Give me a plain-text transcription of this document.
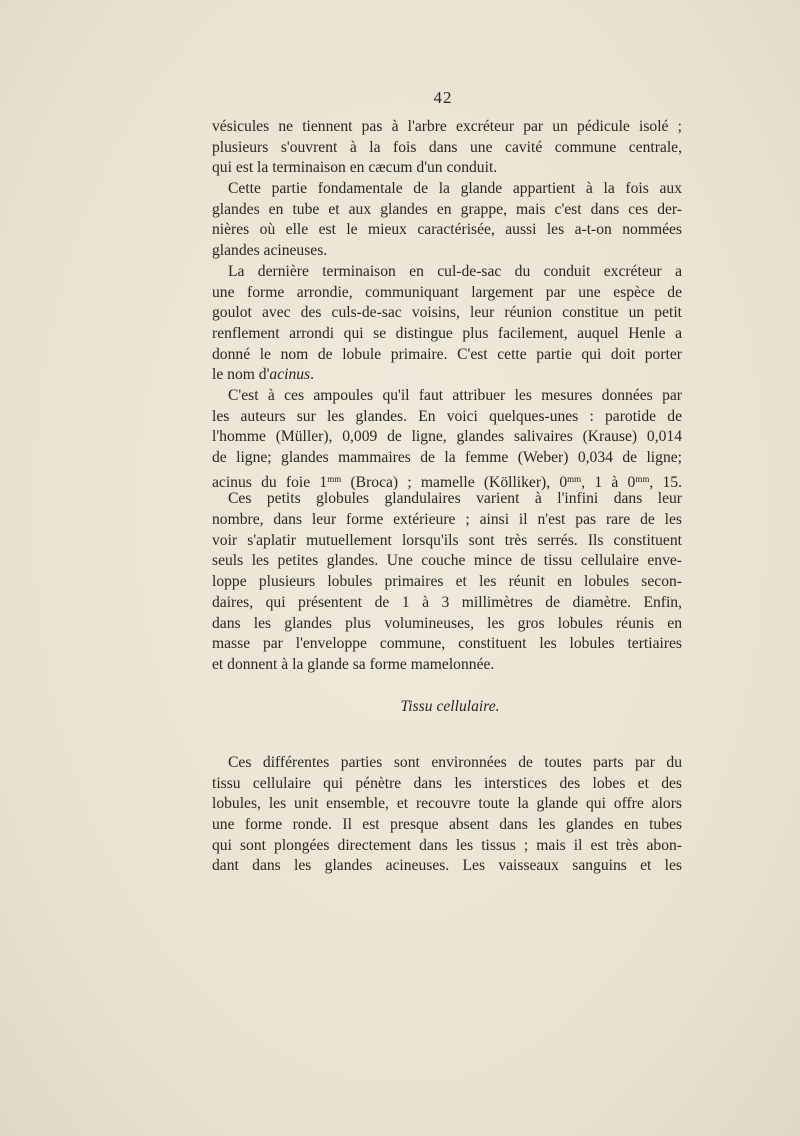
42
vésicules ne tiennent pas à l'arbre excréteur par un pédicule isolé ;
plusieurs s'ouvrent à la fois dans une cavité commune centrale,
qui est la terminaison en cæcum d'un conduit.
Cette partie fondamentale de la glande appartient à la fois aux
glandes en tube et aux glandes en grappe, mais c'est dans ces der-
nières où elle est le mieux caractérisée, aussi les a-t-on nommées
glandes acineuses.
La dernière terminaison en cul-de-sac du conduit excréteur a
une forme arrondie, communiquant largement par une espèce de
goulot avec des culs-de-sac voisins, leur réunion constitue un petit
renflement arrondi qui se distingue plus facilement, auquel Henle a
donné le nom de lobule primaire. C'est cette partie qui doit porter
le nom d'acinus.
C'est à ces ampoules qu'il faut attribuer les mesures données par
les auteurs sur les glandes. En voici quelques-unes : parotide de
l'homme (Müller), 0,009 de ligne, glandes salivaires (Krause) 0,014
de ligne; glandes mammaires de la femme (Weber) 0,034 de ligne;
acinus du foie $1^{mm}$ (Broca) ; mamelle (Kölliker), $0^{mm}$, 1 à $0^{mm}$, 15.
Ces petits globules glandulaires varient à l'infini dans leur
nombre, dans leur forme extérieure ; ainsi il n'est pas rare de les
voir s'aplatir mutuellement lorsqu'ils sont très serrés. Ils constituent
seuls les petites glandes. Une couche mince de tissu cellulaire enve-
loppe plusieurs lobules primaires et les réunit en lobules secon-
daires, qui présentent de 1 à 3 millimètres de diamètre. Enfin,
dans les glandes plus volumineuses, les gros lobules réunis en
masse par l'enveloppe commune, constituent les lobules tertiaires
et donnent à la glande sa forme mamelonnée.
Tissu cellulaire.
Ces différentes parties sont environnées de toutes parts par du
tissu cellulaire qui pénètre dans les interstices des lobes et des
lobules, les unit ensemble, et recouvre toute la glande qui offre alors
une forme ronde. Il est presque absent dans les glandes en tubes
qui sont plongées directement dans les tissus ; mais il est très abon-
dant dans les glandes acineuses. Les vaisseaux sanguins et les
